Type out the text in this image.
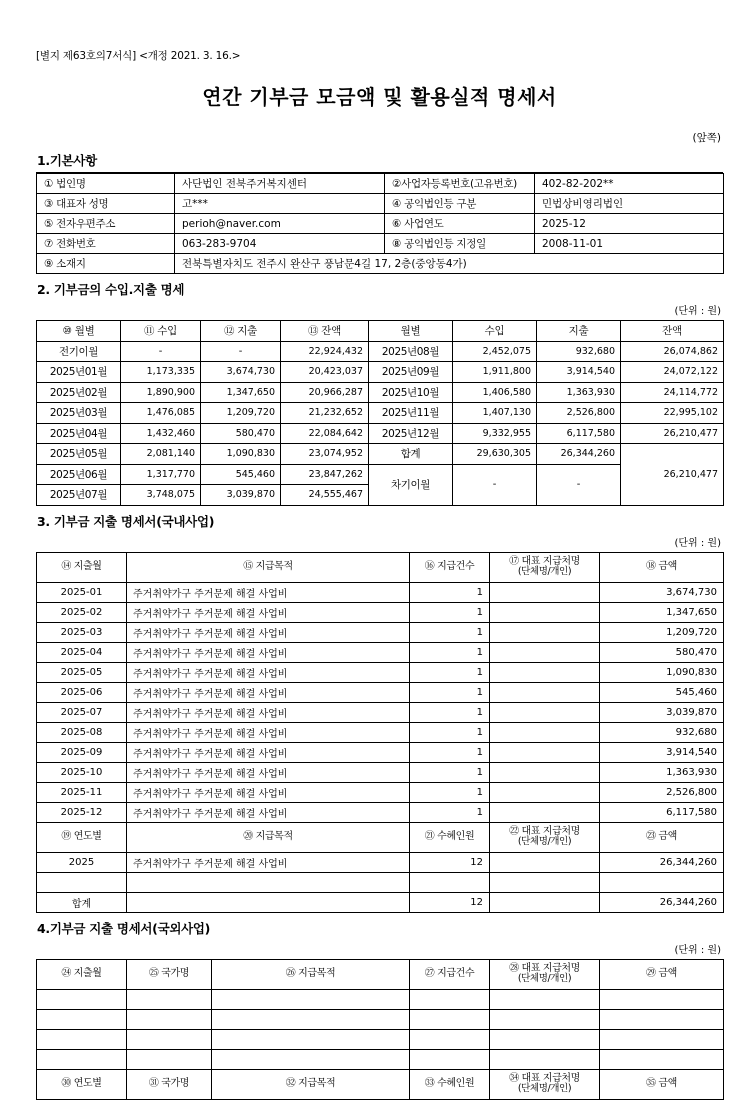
[별지 제63호의7서식] <개정 2021. 3. 16.>
연간 기부금 모금액 및 활용실적 명세서
(앞쪽)
1.기본사항
① 법인명	사단법인 전북주거복지센터	②사업자등록번호(고유번호)	402-82-202**
③ 대표자 성명	고***	④ 공익법인등 구분	민법상비영리법인
⑤ 전자우편주소	perioh@naver.com	⑥ 사업연도	2025-12
⑦ 전화번호	063-283-9704	⑧ 공익법인등 지정일	2008-11-01
⑨ 소재지	전북특별자치도 전주시 완산구 풍남문4길 17, 2층(중앙동4가)		
2. 기부금의 수입.지출 명세
(단위 : 원)
⑩ 월별	⑪ 수입	⑫ 지출	⑬ 잔액	월별	수입	지출	잔액
전기이월	-	-	22,924,432	2025년08월	2,452,075	932,680	26,074,862
2025년01월	1,173,335	3,674,730	20,423,037	2025년09월	1,911,800	3,914,540	24,072,122
2025년02월	1,890,900	1,347,650	20,966,287	2025년10월	1,406,580	1,363,930	24,114,772
2025년03월	1,476,085	1,209,720	21,232,652	2025년11월	1,407,130	2,526,800	22,995,102
2025년04월	1,432,460	580,470	22,084,642	2025년12월	9,332,955	6,117,580	26,210,477
2025년05월	2,081,140	1,090,830	23,074,952	합계	29,630,305	26,344,260	26,210,477
2025년06월	1,317,770	545,460	23,847,262	차기이월	-	-	
2025년07월	3,748,075	3,039,870	24,555,467				
3. 기부금 지출 명세서(국내사업)
(단위 : 원)
⑭ 지출월	⑮ 지급목적	⑯ 지급건수	⑰ 대표 지급처명
(단체명/개인)	⑱ 금액
2025-01	주거취약가구 주거문제 해결 사업비	1		3,674,730
2025-02	주거취약가구 주거문제 해결 사업비	1		1,347,650
2025-03	주거취약가구 주거문제 해결 사업비	1		1,209,720
2025-04	주거취약가구 주거문제 해결 사업비	1		580,470
2025-05	주거취약가구 주거문제 해결 사업비	1		1,090,830
2025-06	주거취약가구 주거문제 해결 사업비	1		545,460
2025-07	주거취약가구 주거문제 해결 사업비	1		3,039,870
2025-08	주거취약가구 주거문제 해결 사업비	1		932,680
2025-09	주거취약가구 주거문제 해결 사업비	1		3,914,540
2025-10	주거취약가구 주거문제 해결 사업비	1		1,363,930
2025-11	주거취약가구 주거문제 해결 사업비	1		2,526,800
2025-12	주거취약가구 주거문제 해결 사업비	1		6,117,580
⑲ 연도별	⑳ 지급목적	㉑ 수혜인원	㉒ 대표 지급처명
(단체명/개인)	㉓ 금액
2025	주거취약가구 주거문제 해결 사업비	12		26,344,260

합계		12		26,344,260
4.기부금 지출 명세서(국외사업)
(단위 : 원)
㉔ 지출월	㉕ 국가명	㉖ 지급목적	㉗ 지급건수	㉘ 대표 지급처명
(단체명/개인)	㉙ 금액

㉚ 연도별	㉛ 국가명	㉜ 지급목적	㉝ 수혜인원	㉞ 대표 지급처명
(단체명/개인)	㉟ 금액
